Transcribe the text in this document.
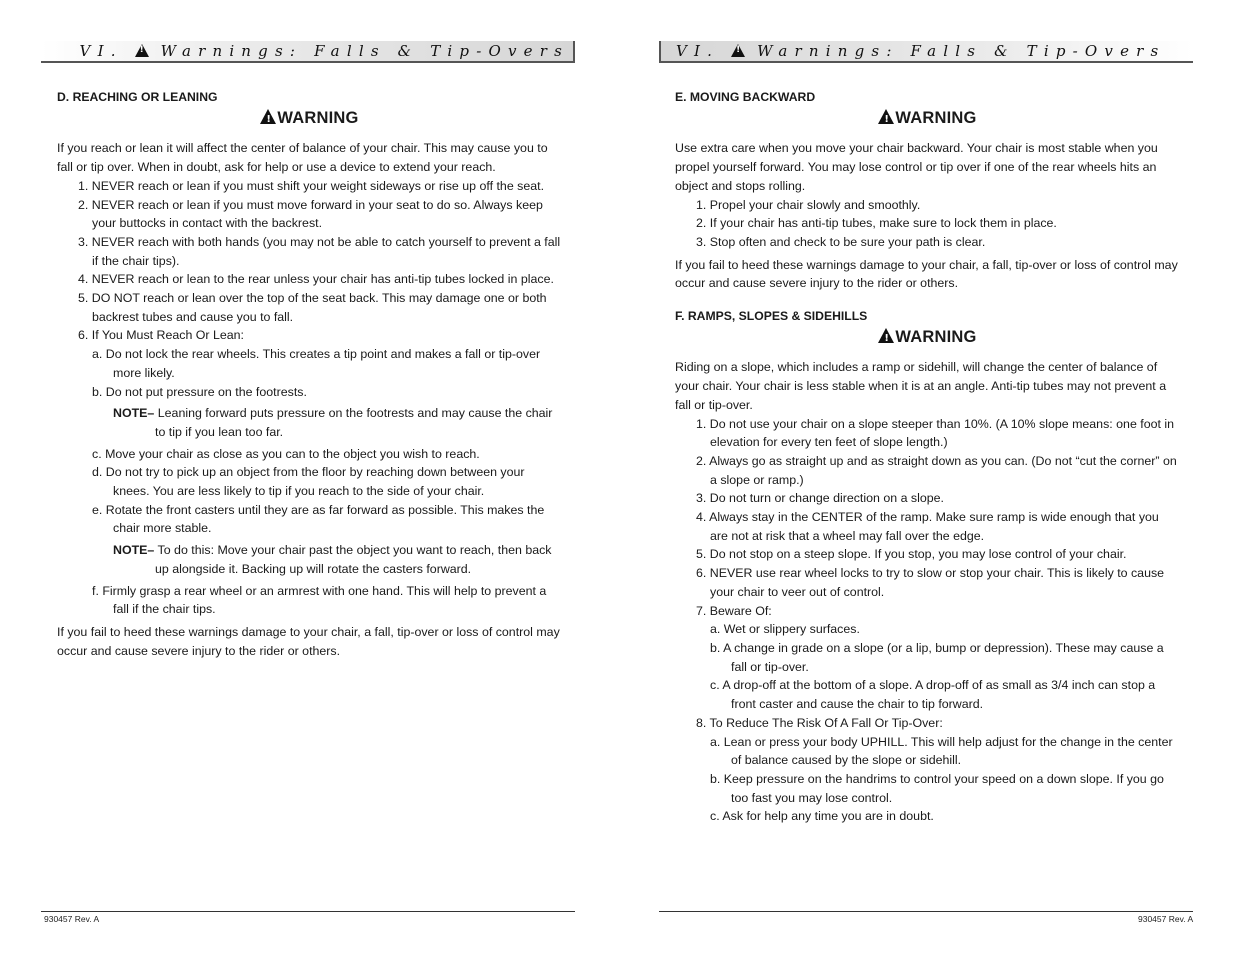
VI. !	Warnings: Falls & Tip-Overs

D. REACHING OR LEANING

!WARNING

If you reach or lean it will affect the center of balance of your chair. This may cause you to fall or tip over. When in doubt, ask for help or use a device to extend your reach.

1. NEVER reach or lean if you must shift your weight sideways or rise up off the seat.
2. NEVER reach or lean if you must move forward in your seat to do so. Always keep your buttocks in contact with the backrest.
3. NEVER reach with both hands (you may not be able to catch yourself to prevent a fall if the chair tips).
4. NEVER reach or lean to the rear unless your chair has anti-tip tubes locked in place.
5. DO NOT reach or lean over the top of the seat back. This may damage one or both backrest tubes and cause you to fall.
6. If You Must Reach Or Lean:
a. Do not lock the rear wheels. This creates a tip point and makes a fall or tip-over more likely.
b. Do not put pressure on the footrests.
NOTE– Leaning forward puts pressure on the footrests and may cause the chair to tip if you lean too far.
c. Move your chair as close as you can to the object you wish to reach.
d. Do not try to pick up an object from the floor by reaching down between your knees. You are less likely to tip if you reach to the side of your chair.
e. Rotate the front casters until they are as far forward as possible. This makes the chair more stable.
NOTE– To do this: Move your chair past the object you want to reach, then back up alongside it. Backing up will rotate the casters forward.
f. Firmly grasp a rear wheel or an armrest with one hand. This will help to prevent a fall if the chair tips.

If you fail to heed these warnings damage to your chair, a fall, tip-over or loss of control may occur and cause severe injury to the rider or others.

930457 Rev. A
VI. !	Warnings: Falls & Tip-Overs

E. MOVING BACKWARD

!WARNING

Use extra care when you move your chair backward. Your chair is most stable when you propel yourself forward. You may lose control or tip over if one of the rear wheels hits an object and stops rolling.

1. Propel your chair slowly and smoothly.
2. If your chair has anti-tip tubes, make sure to lock them in place.
3. Stop often and check to be sure your path is clear.

If you fail to heed these warnings damage to your chair, a fall, tip-over or loss of control may occur and cause severe injury to the rider or others.

F. RAMPS, SLOPES & SIDEHILLS

!WARNING

Riding on a slope, which includes a ramp or sidehill, will change the center of balance of your chair. Your chair is less stable when it is at an angle. Anti-tip tubes may not prevent a fall or tip-over.

1. Do not use your chair on a slope steeper than 10%. (A 10% slope means: one foot in elevation for every ten feet of slope length.)
2. Always go as straight up and as straight down as you can. (Do not “cut the corner” on a slope or ramp.)
3. Do not turn or change direction on a slope.
4. Always stay in the CENTER of the ramp. Make sure ramp is wide enough that you are not at risk that a wheel may fall over the edge.
5. Do not stop on a steep slope. If you stop, you may lose control of your chair.
6. NEVER use rear wheel locks to try to slow or stop your chair. This is likely to cause your chair to veer out of control.
7. Beware Of:
a. Wet or slippery surfaces.
b. A change in grade on a slope (or a lip, bump or depression). These may cause a fall or tip-over.
c. A drop-off at the bottom of a slope. A drop-off of as small as 3/4 inch can stop a front caster and cause the chair to tip forward.
8. To Reduce The Risk Of A Fall Or Tip-Over:
a. Lean or press your body UPHILL. This will help adjust for the change in the center of balance caused by the slope or sidehill.
b. Keep pressure on the handrims to control your speed on a down slope. If you go too fast you may lose control.
c. Ask for help any time you are in doubt.
930457 Rev. A
